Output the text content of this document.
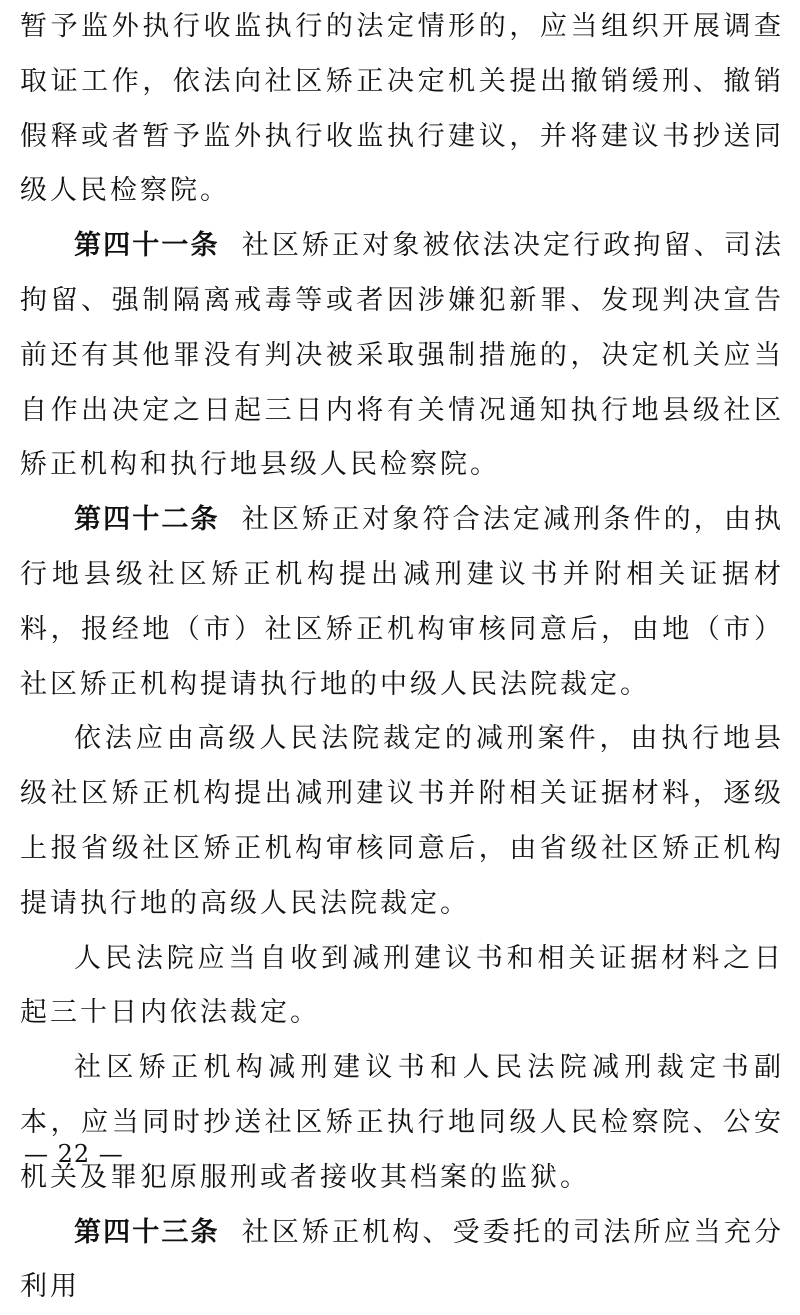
暂予监外执行收监执行的法定情形的，应当组织开展调查取证工作，依法向社区矫正决定机关提出撤销缓刑、撤销假释或者暂予监外执行收监执行建议，并将建议书抄送同级人民检察院。

第四十一条 社区矫正对象被依法决定行政拘留、司法拘留、强制隔离戒毒等或者因涉嫌犯新罪、发现判决宣告前还有其他罪没有判决被采取强制措施的，决定机关应当自作出决定之日起三日内将有关情况通知执行地县级社区矫正机构和执行地县级人民检察院。

第四十二条 社区矫正对象符合法定减刑条件的，由执行地县级社区矫正机构提出减刑建议书并附相关证据材料，报经地（市）社区矫正机构审核同意后，由地（市）社区矫正机构提请执行地的中级人民法院裁定。

依法应由高级人民法院裁定的减刑案件，由执行地县级社区矫正机构提出减刑建议书并附相关证据材料，逐级上报省级社区矫正机构审核同意后，由省级社区矫正机构提请执行地的高级人民法院裁定。

人民法院应当自收到减刑建议书和相关证据材料之日起三十日内依法裁定。

社区矫正机构减刑建议书和人民法院减刑裁定书副本，应当同时抄送社区矫正执行地同级人民检察院、公安机关及罪犯原服刑或者接收其档案的监狱。

第四十三条 社区矫正机构、受委托的司法所应当充分利用

— 22 —
